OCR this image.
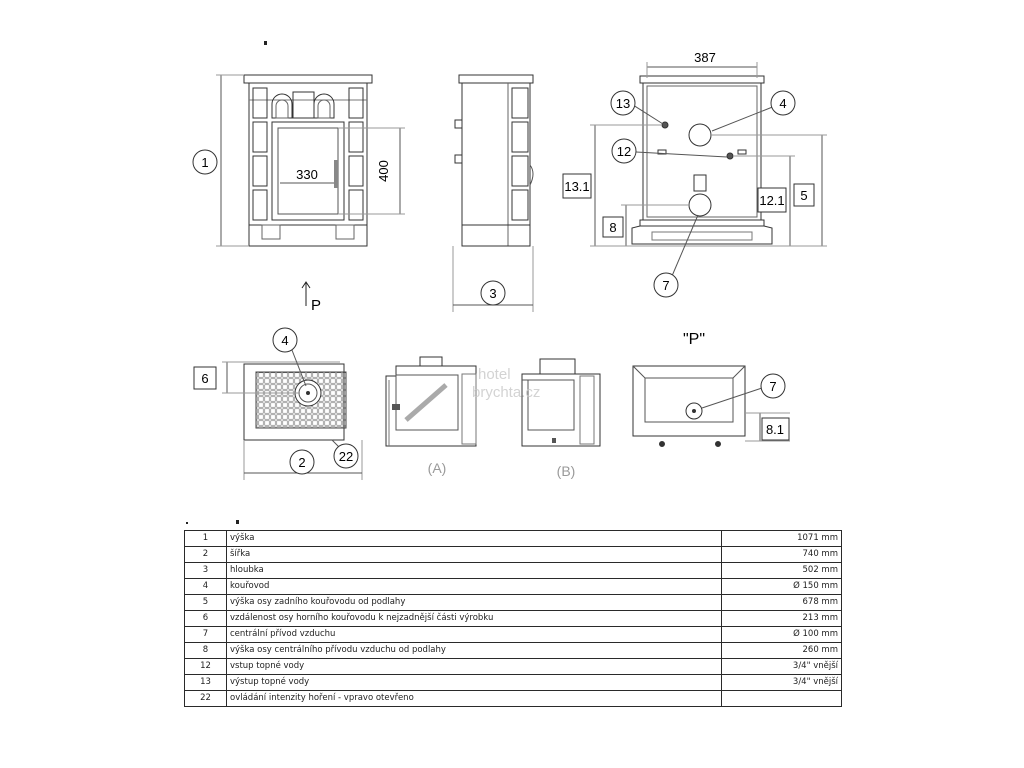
1
330	400
P
3
387
13	4
12
13.1
8
12.1 5
7
4
6
2	22
(A)	(B)
"P"
7
8.1
hotel brychta.cz
1	výška	1071 mm
2	šířka	740 mm
3	hloubka	502 mm
4	kouřovod	Ø 150 mm
5	výška osy zadního kouřovodu od podlahy	678 mm
6	vzdálenost osy horního kouřovodu k nejzadnější části výrobku	213 mm
7	centrální přívod vzduchu	Ø 100 mm
8	výška osy centrálního přívodu vzduchu od podlahy	260 mm
12	vstup topné vody	3/4" vnější
13	výstup topné vody	3/4" vnější
22	ovládání intenzity hoření - vpravo otevřeno	
